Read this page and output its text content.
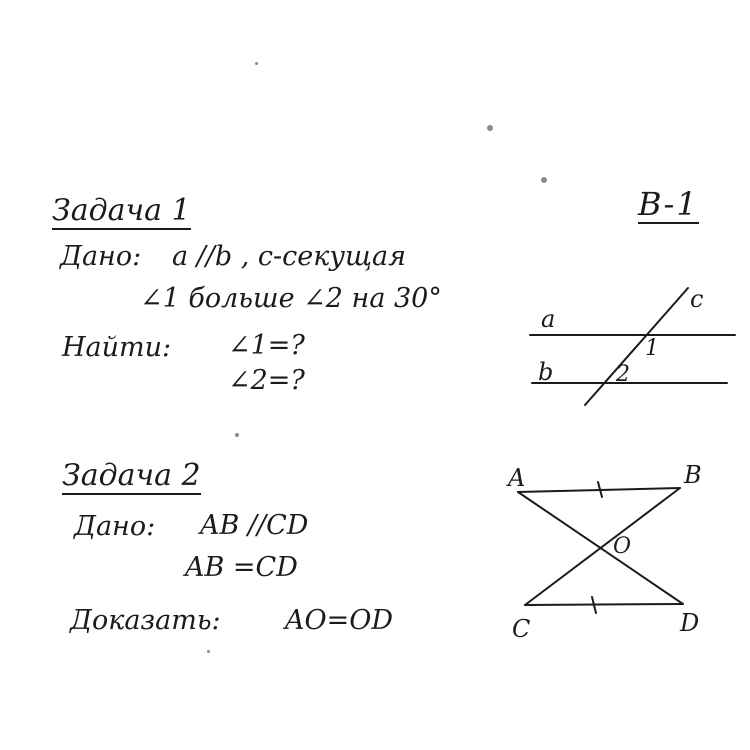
В-1
Задача 1
Дано: a //b , c-секущая
∠1 больше ∠2 на 30°
Найти: ∠1=?
∠2=?
Задача 2
Дано: AB //CD
AB =CD
Доказать: AO=OD
a
b
c
1
2
A	B
C	D
O
